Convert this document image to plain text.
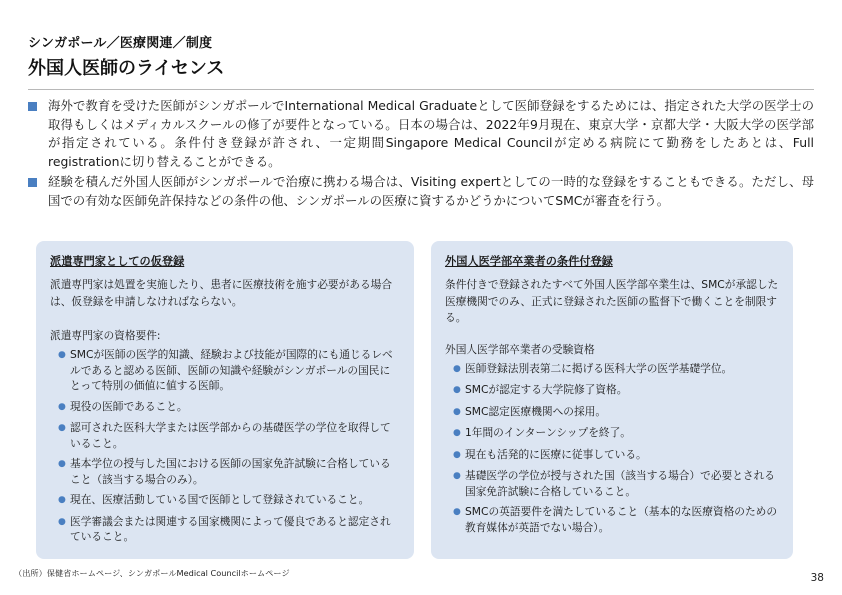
シンガポール／医療関連／制度
外国人医師のライセンス
海外で教育を受けた医師がシンガポールでInternational Medical Graduateとして医師登録をするためには、指定された大学の医学士の取得もしくはメディカルスクールの修了が要件となっている。日本の場合は、2022年9月現在、東京大学・京都大学・大阪大学の医学部が指定されている。条件付き登録が許され、一定期間Singapore Medical Councilが定める病院にて勤務をしたあとは、Full registrationに切り替えることができる。
経験を積んだ外国人医師がシンガポールで治療に携わる場合は、Visiting expertとしての一時的な登録をすることもできる。ただし、母国での有効な医師免許保持などの条件の他、シンガポールの医療に資するかどうかについてSMCが審査を行う。
派遣専門家としての仮登録
派遣専門家は処置を実施したり、患者に医療技術を施す必要がある場合は、仮登録を申請しなければならない。
派遣専門家の資格要件:
● SMCが医師の医学的知識、経験および技能が国際的にも通じるレベルであると認める医師、医師の知識や経験がシンガポールの国民にとって特別の価値に値する医師。
● 現役の医師であること。
● 認可された医科大学または医学部からの基礎医学の学位を取得していること。
● 基本学位の授与した国における医師の国家免許試験に合格していること（該当する場合のみ）。
● 現在、医療活動している国で医師として登録されていること。
● 医学審議会または関連する国家機関によって優良であると認定されていること。
外国人医学部卒業者の条件付登録
条件付きで登録されたすべて外国人医学部卒業生は、SMCが承認した医療機関でのみ、正式に登録された医師の監督下で働くことを制限する。
外国人医学部卒業者の受験資格
● 医師登録法別表第二に掲げる医科大学の医学基礎学位。
● SMCが認定する大学院修了資格。
● SMC認定医療機関への採用。
● 1年間のインターンシップを終了。
● 現在も活発的に医療に従事している。
● 基礎医学の学位が授与された国（該当する場合）で必要とされる国家免許試験に合格していること。
● SMCの英語要件を満たしていること（基本的な医療資格のための教育媒体が英語でない場合）。
（出所）保健省ホームページ、シンガポールMedical Councilホームページ	38
